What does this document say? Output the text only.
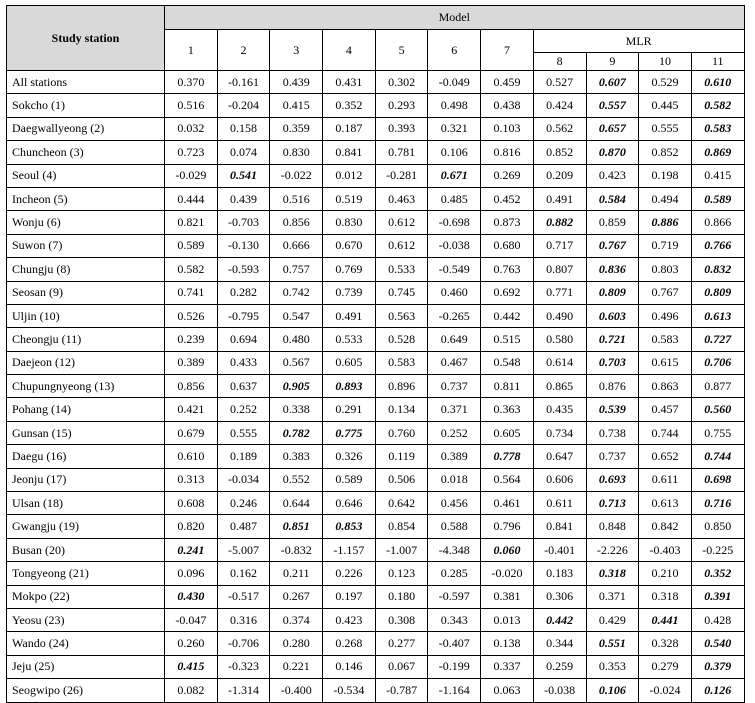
Study station	Model										
	1	2	3	4	5	6	7	MLR			
								8	9	10	11
All stations	0.370	-0.161	0.439	0.431	0.302	-0.049	0.459	0.527	0.607	0.529	0.610
Sokcho (1)	0.516	-0.204	0.415	0.352	0.293	0.498	0.438	0.424	0.557	0.445	0.582
Daegwallyeong (2)	0.032	0.158	0.359	0.187	0.393	0.321	0.103	0.562	0.657	0.555	0.583
Chuncheon (3)	0.723	0.074	0.830	0.841	0.781	0.106	0.816	0.852	0.870	0.852	0.869
Seoul (4)	-0.029	0.541	-0.022	0.012	-0.281	0.671	0.269	0.209	0.423	0.198	0.415
Incheon (5)	0.444	0.439	0.516	0.519	0.463	0.485	0.452	0.491	0.584	0.494	0.589
Wonju (6)	0.821	-0.703	0.856	0.830	0.612	-0.698	0.873	0.882	0.859	0.886	0.866
Suwon (7)	0.589	-0.130	0.666	0.670	0.612	-0.038	0.680	0.717	0.767	0.719	0.766
Chungju (8)	0.582	-0.593	0.757	0.769	0.533	-0.549	0.763	0.807	0.836	0.803	0.832
Seosan (9)	0.741	0.282	0.742	0.739	0.745	0.460	0.692	0.771	0.809	0.767	0.809
Uljin (10)	0.526	-0.795	0.547	0.491	0.563	-0.265	0.442	0.490	0.603	0.496	0.613
Cheongju (11)	0.239	0.694	0.480	0.533	0.528	0.649	0.515	0.580	0.721	0.583	0.727
Daejeon (12)	0.389	0.433	0.567	0.605	0.583	0.467	0.548	0.614	0.703	0.615	0.706
Chupungnyeong (13)	0.856	0.637	0.905	0.893	0.896	0.737	0.811	0.865	0.876	0.863	0.877
Pohang (14)	0.421	0.252	0.338	0.291	0.134	0.371	0.363	0.435	0.539	0.457	0.560
Gunsan (15)	0.679	0.555	0.782	0.775	0.760	0.252	0.605	0.734	0.738	0.744	0.755
Daegu (16)	0.610	0.189	0.383	0.326	0.119	0.389	0.778	0.647	0.737	0.652	0.744
Jeonju (17)	0.313	-0.034	0.552	0.589	0.506	0.018	0.564	0.606	0.693	0.611	0.698
Ulsan (18)	0.608	0.246	0.644	0.646	0.642	0.456	0.461	0.611	0.713	0.613	0.716
Gwangju (19)	0.820	0.487	0.851	0.853	0.854	0.588	0.796	0.841	0.848	0.842	0.850
Busan (20)	0.241	-5.007	-0.832	-1.157	-1.007	-4.348	0.060	-0.401	-2.226	-0.403	-0.225
Tongyeong (21)	0.096	0.162	0.211	0.226	0.123	0.285	-0.020	0.183	0.318	0.210	0.352
Mokpo (22)	0.430	-0.517	0.267	0.197	0.180	-0.597	0.381	0.306	0.371	0.318	0.391
Yeosu (23)	-0.047	0.316	0.374	0.423	0.308	0.343	0.013	0.442	0.429	0.441	0.428
Wando (24)	0.260	-0.706	0.280	0.268	0.277	-0.407	0.138	0.344	0.551	0.328	0.540
Jeju (25)	0.415	-0.323	0.221	0.146	0.067	-0.199	0.337	0.259	0.353	0.279	0.379
Seogwipo (26)	0.082	-1.314	-0.400	-0.534	-0.787	-1.164	0.063	-0.038	0.106	-0.024	0.126
